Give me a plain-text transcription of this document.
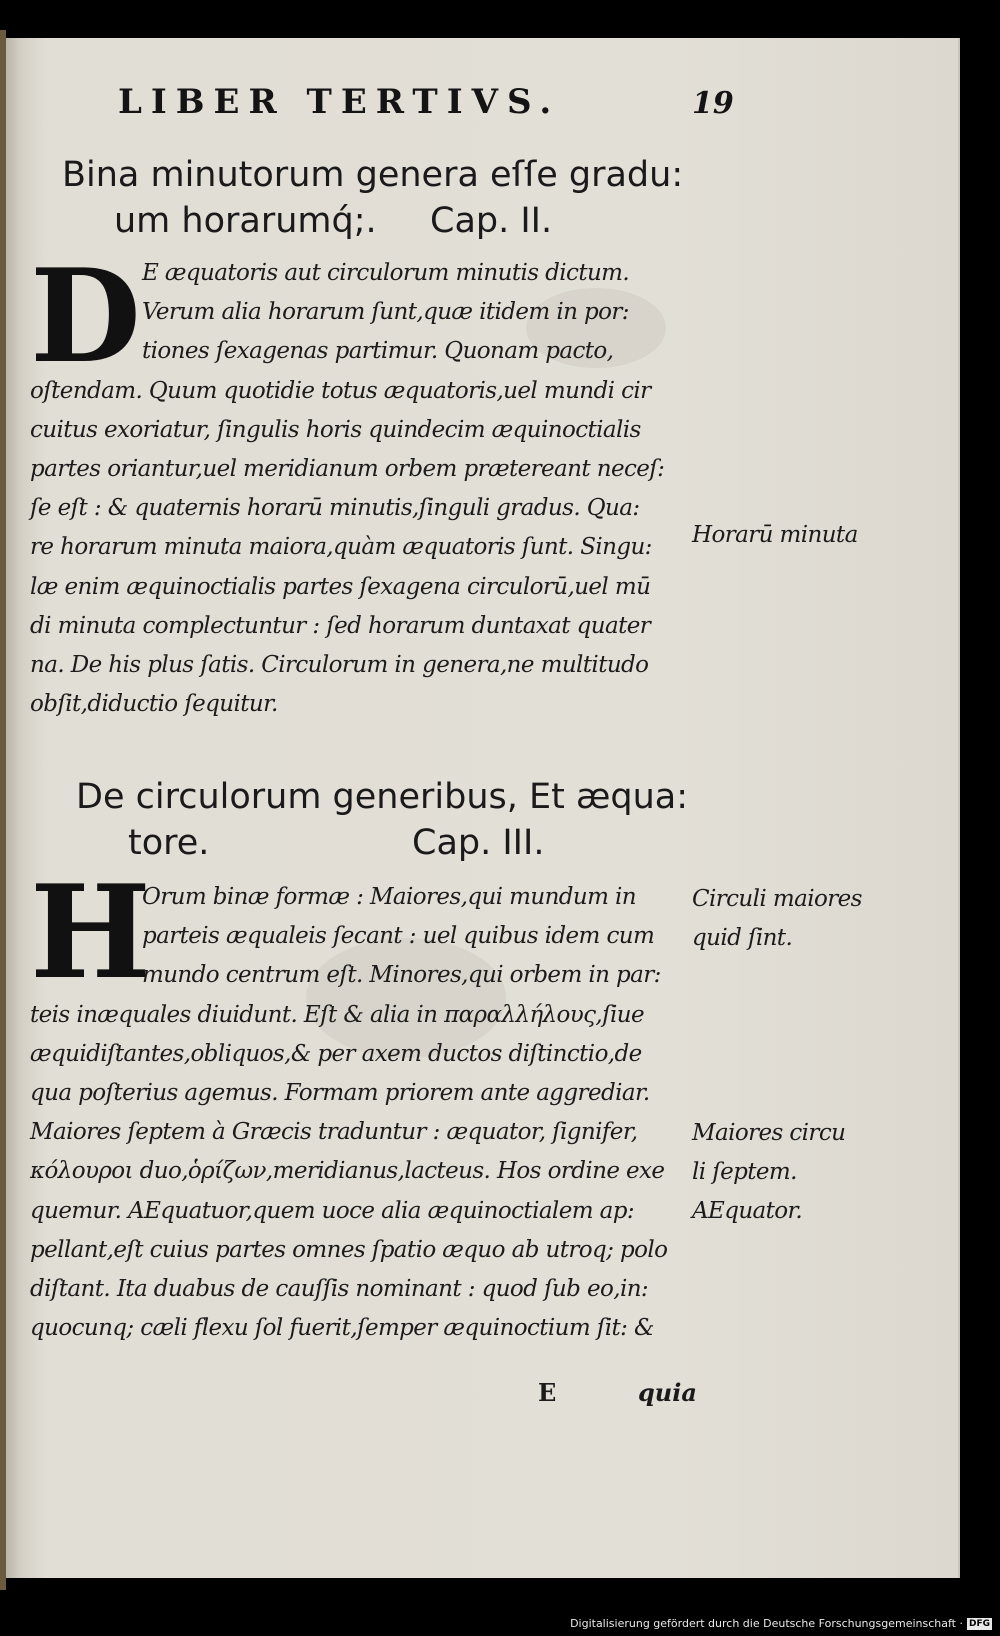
LIBER TERTIVS.	19
Bina minutorum genera eſſe gradu:
um horarumq́;.	Cap. II.
D E æquatoris aut circulorum minutis dictum.
Verum alia horarum ſunt,quæ itidem in por:
tiones ſexagenas partimur. Quonam pacto,
oſtendam. Quum quotidie totus æquatoris,uel mundi cir
cuitus exoriatur, ſingulis horis quindecim æquinoctialis
partes oriantur,uel meridianum orbem prætereant neceſ:
ſe eſt : & quaternis horarū minutis,ſinguli gradus. Qua:
re horarum minuta maiora,quàm æquatoris ſunt. Singu:
læ enim æquinoctialis partes ſexagena circulorū,uel mū
di minuta complectuntur : ſed horarum duntaxat quater
na. De his plus ſatis. Circulorum in genera,ne multitudo
obſit,diductio ſequitur.
Horarū minuta
De circulorum generibus, Et æqua:
tore.	Cap. III.
H
Orum binæ formæ : Maiores,qui mundum in
parteis æqualeis ſecant : uel quibus idem cum
mundo centrum eſt. Minores,qui orbem in par:
teis inæquales diuidunt. Eſt & alia in παραλλήλους,ſiue
æquidiſtantes,obliquos,& per axem ductos diſtinctio,de
qua poſterius agemus. Formam priorem ante aggrediar.
Maiores ſeptem à Græcis traduntur : æquator, ſignifer,
κόλουροι duo,ὁρίζων,meridianus,lacteus. Hos ordine exe
quemur. AEquatuor,quem uoce alia æquinoctialem ap:
pellant,eſt cuius partes omnes ſpatio æquo ab utroq; polo
diſtant. Ita duabus de cauſſis nominant : quod ſub eo,in:
quocunq; cæli flexu ſol fuerit,ſemper æquinoctium ſit: &
Circuli maiores
quid ſint.
Maiores circu
li ſeptem.
AEquator.
E	quia
Digitalisierung gefördert durch die Deutsche Forschungsgemeinschaft · DFG
